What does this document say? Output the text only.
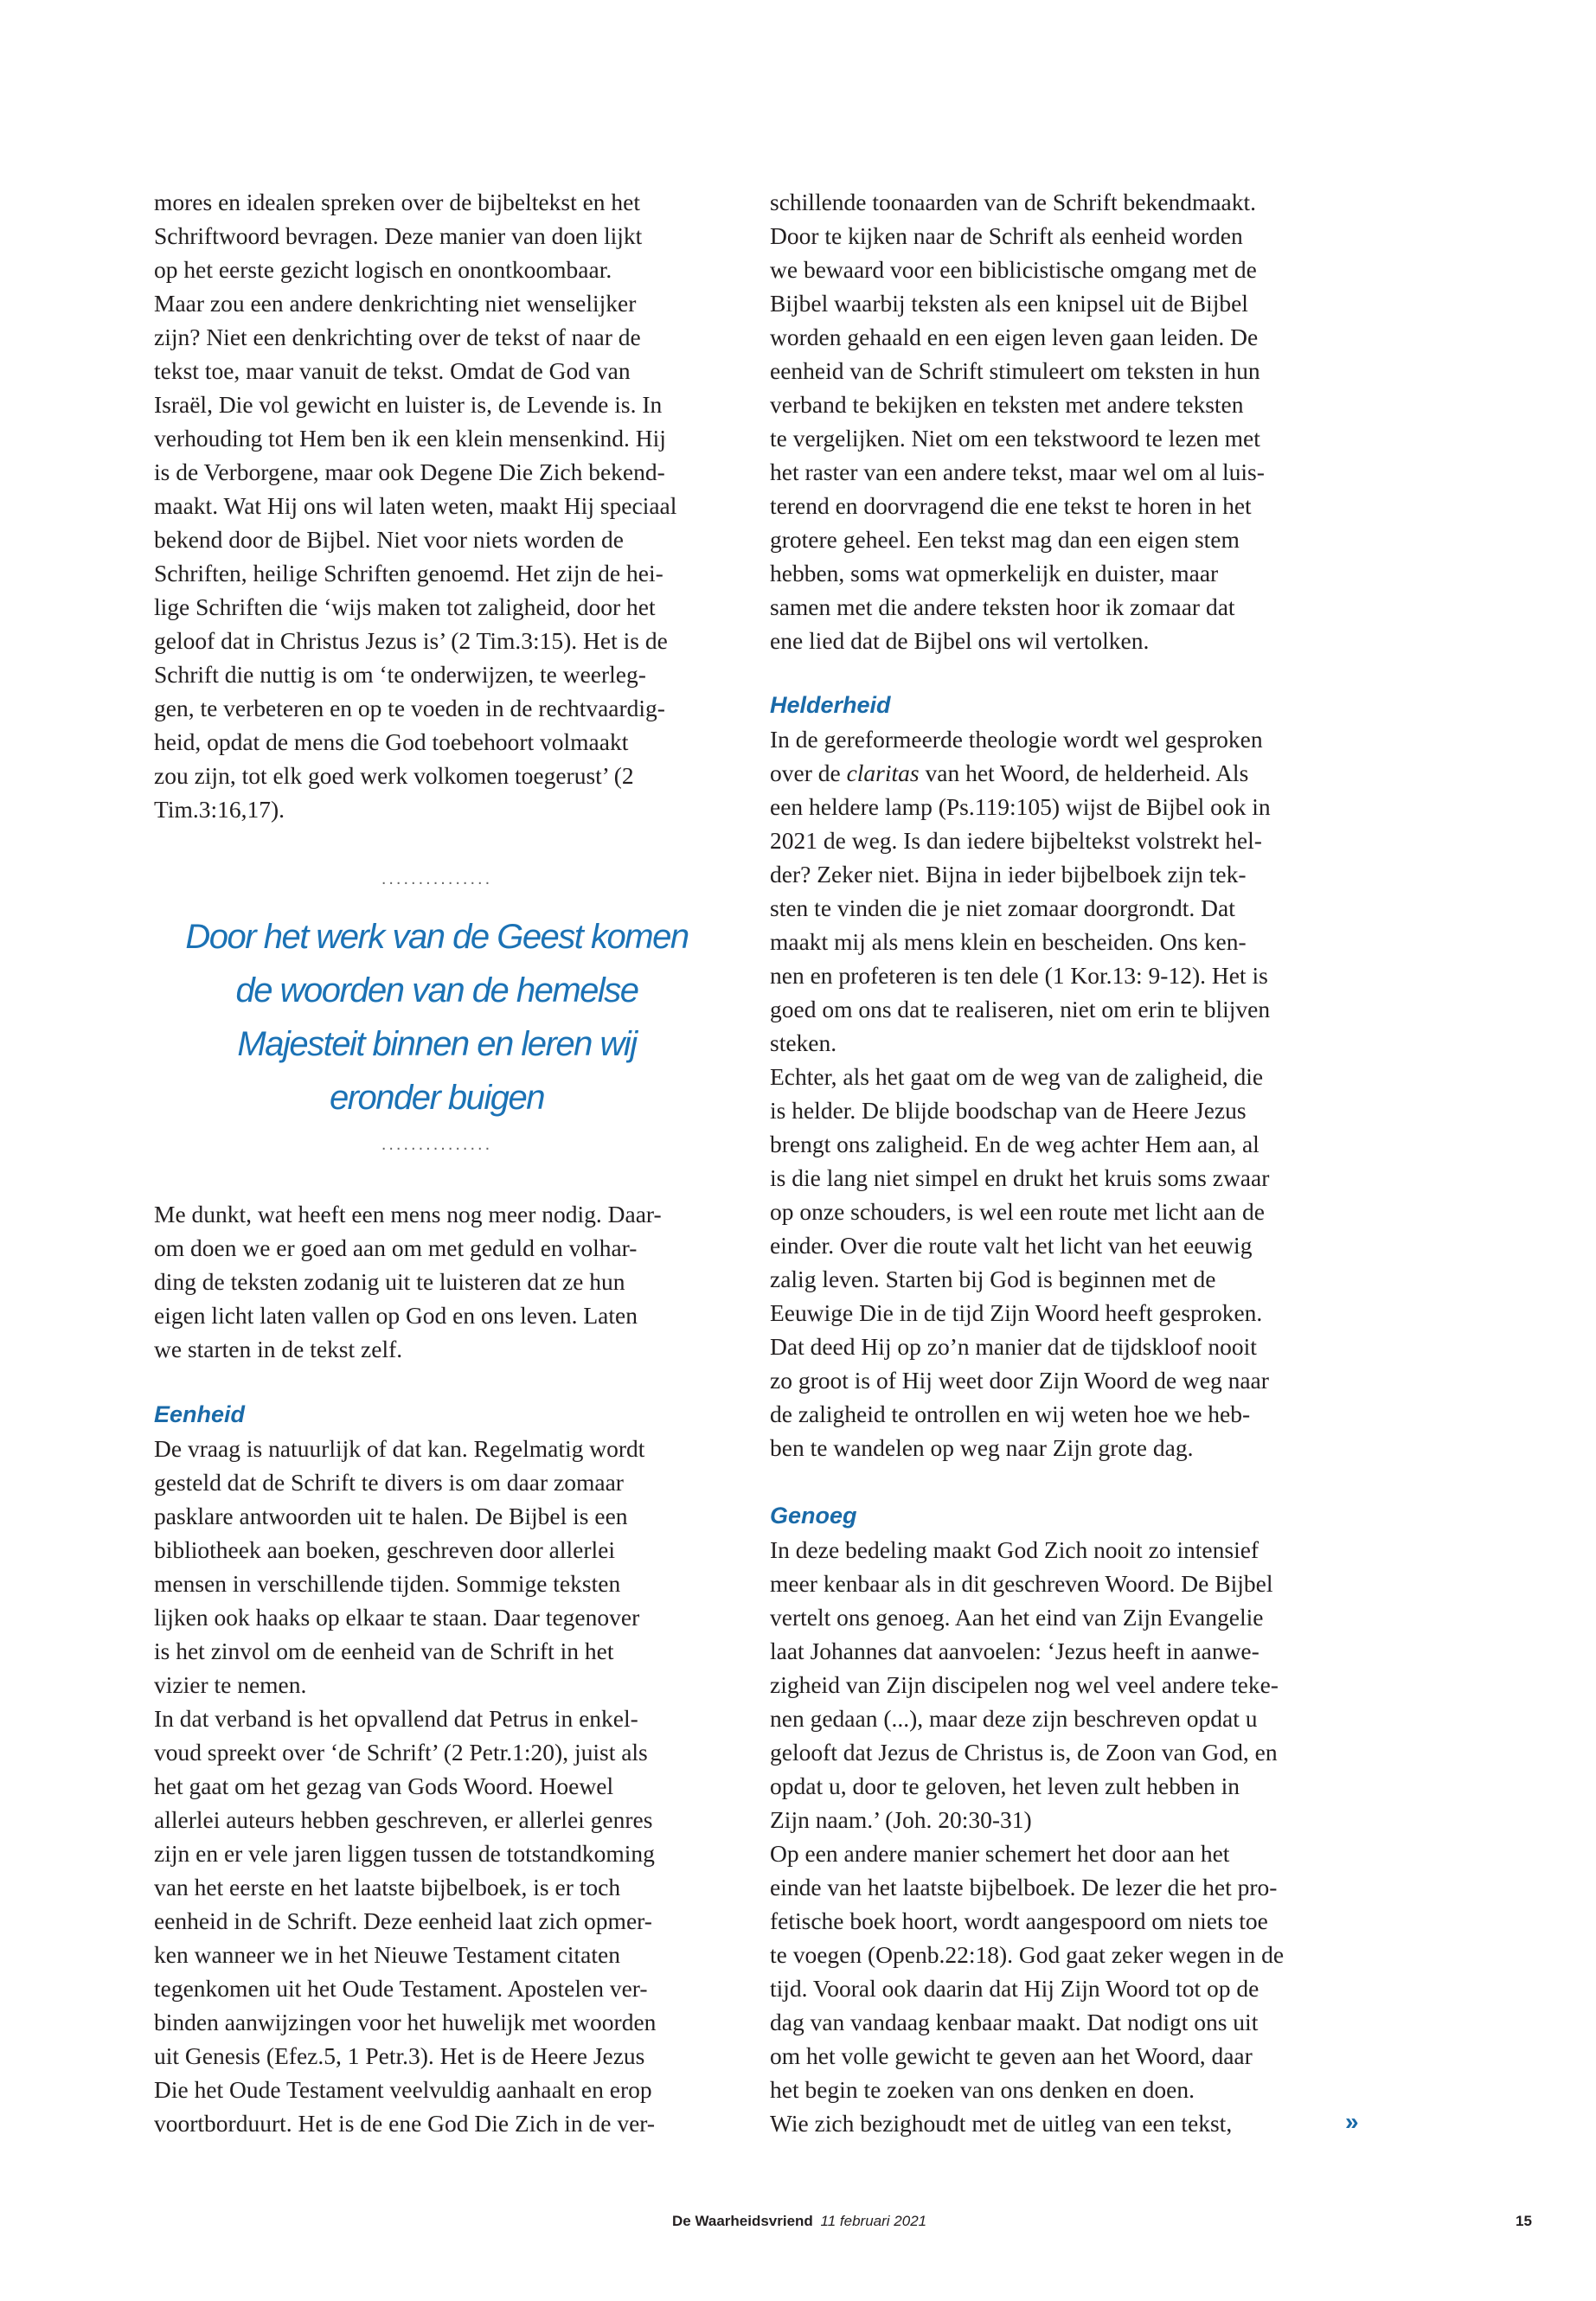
mores en idealen spreken over de bijbeltekst en het
Schriftwoord bevragen. Deze manier van doen lijkt
op het eerste gezicht logisch en onontkoombaar.
Maar zou een andere denkrichting niet wenselijker
zijn? Niet een denkrichting over de tekst of naar de
tekst toe, maar vanuit de tekst. Omdat de God van
Israël, Die vol gewicht en luister is, de Levende is. In
verhouding tot Hem ben ik een klein mensenkind. Hij
is de Verborgene, maar ook Degene Die Zich bekend-
maakt. Wat Hij ons wil laten weten, maakt Hij speciaal
bekend door de Bijbel. Niet voor niets worden de
Schriften, heilige Schriften genoemd. Het zijn de hei-
lige Schriften die ‘wijs maken tot zaligheid, door het
geloof dat in Christus Jezus is’ (2 Tim.3:15). Het is de
Schrift die nuttig is om ‘te onderwijzen, te weerleg-
gen, te verbeteren en op te voeden in de rechtvaardig-
heid, opdat de mens die God toebehoort volmaakt
zou zijn, tot elk goed werk volkomen toegerust’ (2
Tim.3:16,17).
...............
Door het werk van de Geest komen
de woorden van de hemelse
Majesteit binnen en leren wij
eronder buigen
...............
Me dunkt, wat heeft een mens nog meer nodig. Daar-
om doen we er goed aan om met geduld en volhar-
ding de teksten zodanig uit te luisteren dat ze hun
eigen licht laten vallen op God en ons leven. Laten
we starten in de tekst zelf.
Eenheid
De vraag is natuurlijk of dat kan. Regelmatig wordt
gesteld dat de Schrift te divers is om daar zomaar
pasklare antwoorden uit te halen. De Bijbel is een
bibliotheek aan boeken, geschreven door allerlei
mensen in verschillende tijden. Sommige teksten
lijken ook haaks op elkaar te staan. Daar tegenover
is het zinvol om de eenheid van de Schrift in het
vizier te nemen.
In dat verband is het opvallend dat Petrus in enkel-
voud spreekt over ‘de Schrift’ (2 Petr.1:20), juist als
het gaat om het gezag van Gods Woord. Hoewel
allerlei auteurs hebben geschreven, er allerlei genres
zijn en er vele jaren liggen tussen de totstandkoming
van het eerste en het laatste bijbelboek, is er toch
eenheid in de Schrift. Deze eenheid laat zich opmer-
ken wanneer we in het Nieuwe Testament citaten
tegenkomen uit het Oude Testament. Apostelen ver-
binden aanwijzingen voor het huwelijk met woorden
uit Genesis (Efez.5, 1 Petr.3). Het is de Heere Jezus
Die het Oude Testament veelvuldig aanhaalt en erop
voortborduurt. Het is de ene God Die Zich in de ver-
schillende toonaarden van de Schrift bekendmaakt.
Door te kijken naar de Schrift als eenheid worden
we bewaard voor een biblicistische omgang met de
Bijbel waarbij teksten als een knipsel uit de Bijbel
worden gehaald en een eigen leven gaan leiden. De
eenheid van de Schrift stimuleert om teksten in hun
verband te bekijken en teksten met andere teksten
te vergelijken. Niet om een tekstwoord te lezen met
het raster van een andere tekst, maar wel om al luis-
terend en doorvragend die ene tekst te horen in het
grotere geheel. Een tekst mag dan een eigen stem
hebben, soms wat opmerkelijk en duister, maar
samen met die andere teksten hoor ik zomaar dat
ene lied dat de Bijbel ons wil vertolken.
Helderheid
In de gereformeerde theologie wordt wel gesproken
over de claritas van het Woord, de helderheid. Als
een heldere lamp (Ps.119:105) wijst de Bijbel ook in
2021 de weg. Is dan iedere bijbeltekst volstrekt hel-
der? Zeker niet. Bijna in ieder bijbelboek zijn tek-
sten te vinden die je niet zomaar doorgrondt. Dat
maakt mij als mens klein en bescheiden. Ons ken-
nen en profeteren is ten dele (1 Kor.13: 9-12). Het is
goed om ons dat te realiseren, niet om erin te blijven
steken.
Echter, als het gaat om de weg van de zaligheid, die
is helder. De blijde boodschap van de Heere Jezus
brengt ons zaligheid. En de weg achter Hem aan, al
is die lang niet simpel en drukt het kruis soms zwaar
op onze schouders, is wel een route met licht aan de
einder. Over die route valt het licht van het eeuwig
zalig leven. Starten bij God is beginnen met de
Eeuwige Die in de tijd Zijn Woord heeft gesproken.
Dat deed Hij op zo’n manier dat de tijdskloof nooit
zo groot is of Hij weet door Zijn Woord de weg naar
de zaligheid te ontrollen en wij weten hoe we heb-
ben te wandelen op weg naar Zijn grote dag.
Genoeg
In deze bedeling maakt God Zich nooit zo intensief
meer kenbaar als in dit geschreven Woord. De Bijbel
vertelt ons genoeg. Aan het eind van Zijn Evangelie
laat Johannes dat aanvoelen: ‘Jezus heeft in aanwe-
zigheid van Zijn discipelen nog wel veel andere teke-
nen gedaan (...), maar deze zijn beschreven opdat u
gelooft dat Jezus de Christus is, de Zoon van God, en
opdat u, door te geloven, het leven zult hebben in
Zijn naam.’ (Joh. 20:30-31)
Op een andere manier schemert het door aan het
einde van het laatste bijbelboek. De lezer die het pro-
fetische boek hoort, wordt aangespoord om niets toe
te voegen (Openb.22:18). God gaat zeker wegen in de
tijd. Vooral ook daarin dat Hij Zijn Woord tot op de
dag van vandaag kenbaar maakt. Dat nodigt ons uit
om het volle gewicht te geven aan het Woord, daar
het begin te zoeken van ons denken en doen.
Wie zich bezighoudt met de uitleg van een tekst,	»
De Waarheidsvriend 11 februari 2021	15
